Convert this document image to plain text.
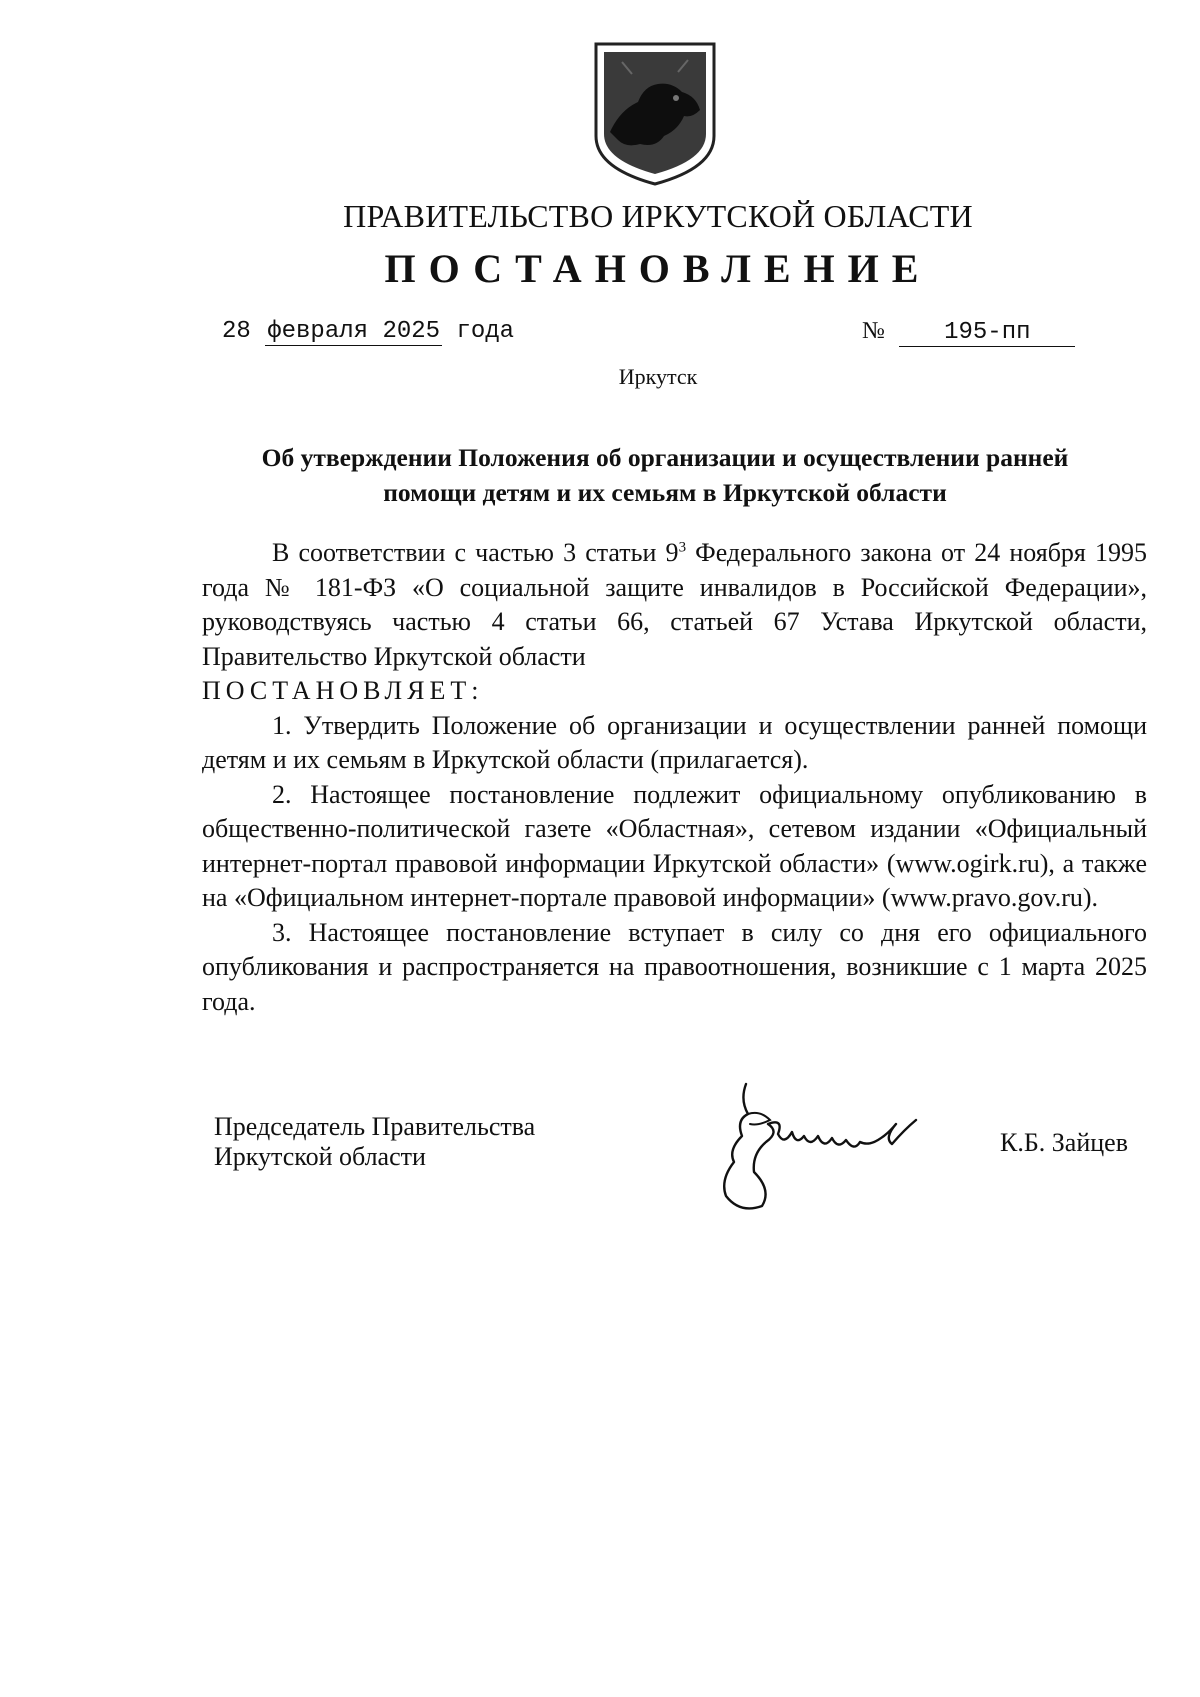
ПРАВИТЕЛЬСТВО ИРКУТСКОЙ ОБЛАСТИ
ПОСТАНОВЛЕНИЕ
28 февраля 2025 года	№ 195-пп
Иркутск
Об утверждении Положения об организации и осуществлении ранней
помощи детям и их семьям в Иркутской области

В соответствии с частью 3 статьи $9^3$ Федерального закона от 24 ноября 1995 года № 181-ФЗ «О социальной защите инвалидов в Российской Федерации», руководствуясь частью 4 статьи 66, статьей 67 Устава Иркутской области, Правительство Иркутской области

ПОСТАНОВЛЯЕТ:

1. Утвердить Положение об организации и осуществлении ранней помощи детям и их семьям в Иркутской области (прилагается).

2. Настоящее постановление подлежит официальному опубликованию в общественно-политической газете «Областная», сетевом издании «Официальный интернет-портал правовой информации Иркутской области» (www.ogirk.ru), а также на «Официальном интернет-портале правовой информации» (www.pravo.gov.ru).

3. Настоящее постановление вступает в силу со дня его официального опубликования и распространяется на правоотношения, возникшие с 1 марта 2025 года.

Председатель Правительства
Иркутской области	К.Б. Зайцев
